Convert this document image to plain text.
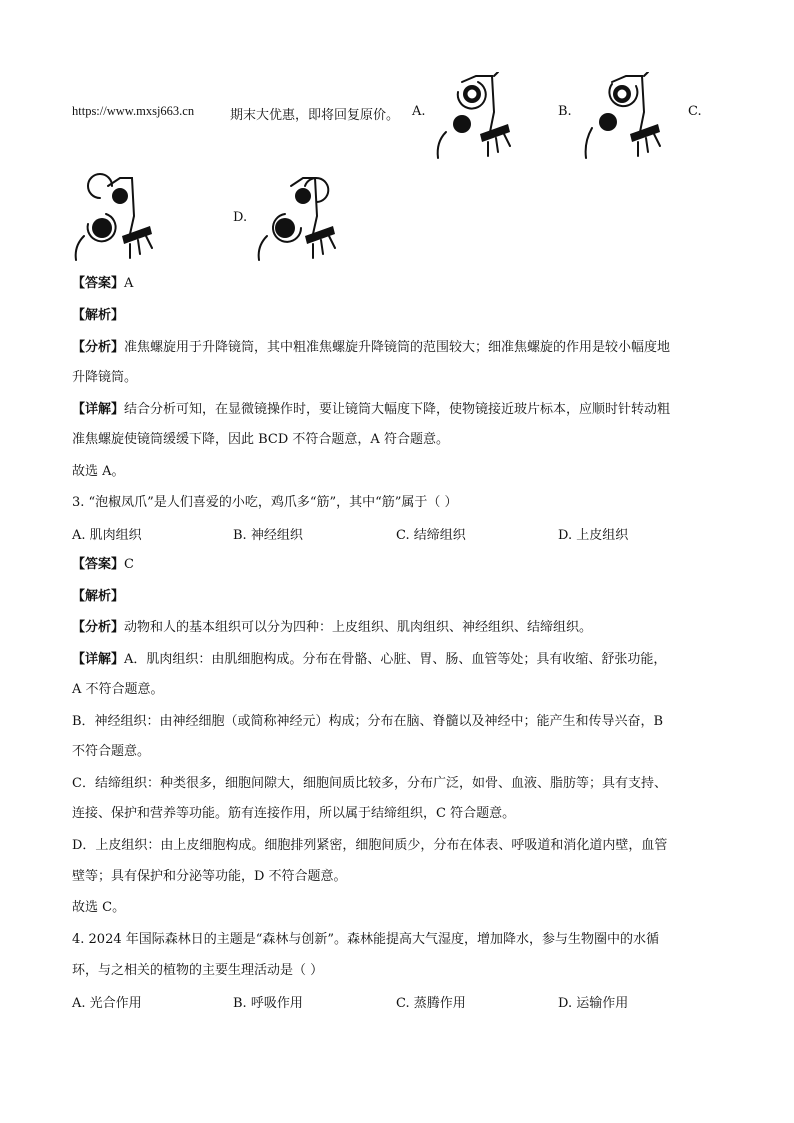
https://www.mxsj663.cn	期末大优惠，即将回复原价。 A.	B.	C.
D.
【答案】A
【解析】
【分析】准焦螺旋用于升降镜筒，其中粗准焦螺旋升降镜筒的范围较大；细准焦螺旋的作用是较小幅度地
升降镜筒。
【详解】结合分析可知，在显微镜操作时，要让镜筒大幅度下降，使物镜接近玻片标本，应顺时针转动粗
准焦螺旋使镜筒缓缓下降，因此 BCD 不符合题意，A 符合题意。
故选 A。
3. “泡椒凤爪”是人们喜爱的小吃，鸡爪多“筋”，其中“筋”属于（ ）
A. 肌肉组织	B. 神经组织	C. 结缔组织	D. 上皮组织
【答案】C
【解析】
【分析】动物和人的基本组织可以分为四种：上皮组织、肌肉组织、神经组织、结缔组织。
【详解】A．肌肉组织：由肌细胞构成。分布在骨骼、心脏、胃、肠、血管等处；具有收缩、舒张功能，
A 不符合题意。
B．神经组织：由神经细胞（或简称神经元）构成；分布在脑、脊髓以及神经中；能产生和传导兴奋，B
不符合题意。
C．结缔组织：种类很多，细胞间隙大，细胞间质比较多，分布广泛，如骨、血液、脂肪等；具有支持、
连接、保护和营养等功能。筋有连接作用，所以属于结缔组织，C 符合题意。
D．上皮组织：由上皮细胞构成。细胞排列紧密，细胞间质少，分布在体表、呼吸道和消化道内壁，血管
壁等；具有保护和分泌等功能，D 不符合题意。
故选 C。
4. 2024 年国际森林日的主题是“森林与创新”。森林能提高大气湿度，增加降水，参与生物圈中的水循
环，与之相关的植物的主要生理活动是（ ）
A. 光合作用	B. 呼吸作用	C. 蒸腾作用	D. 运输作用
